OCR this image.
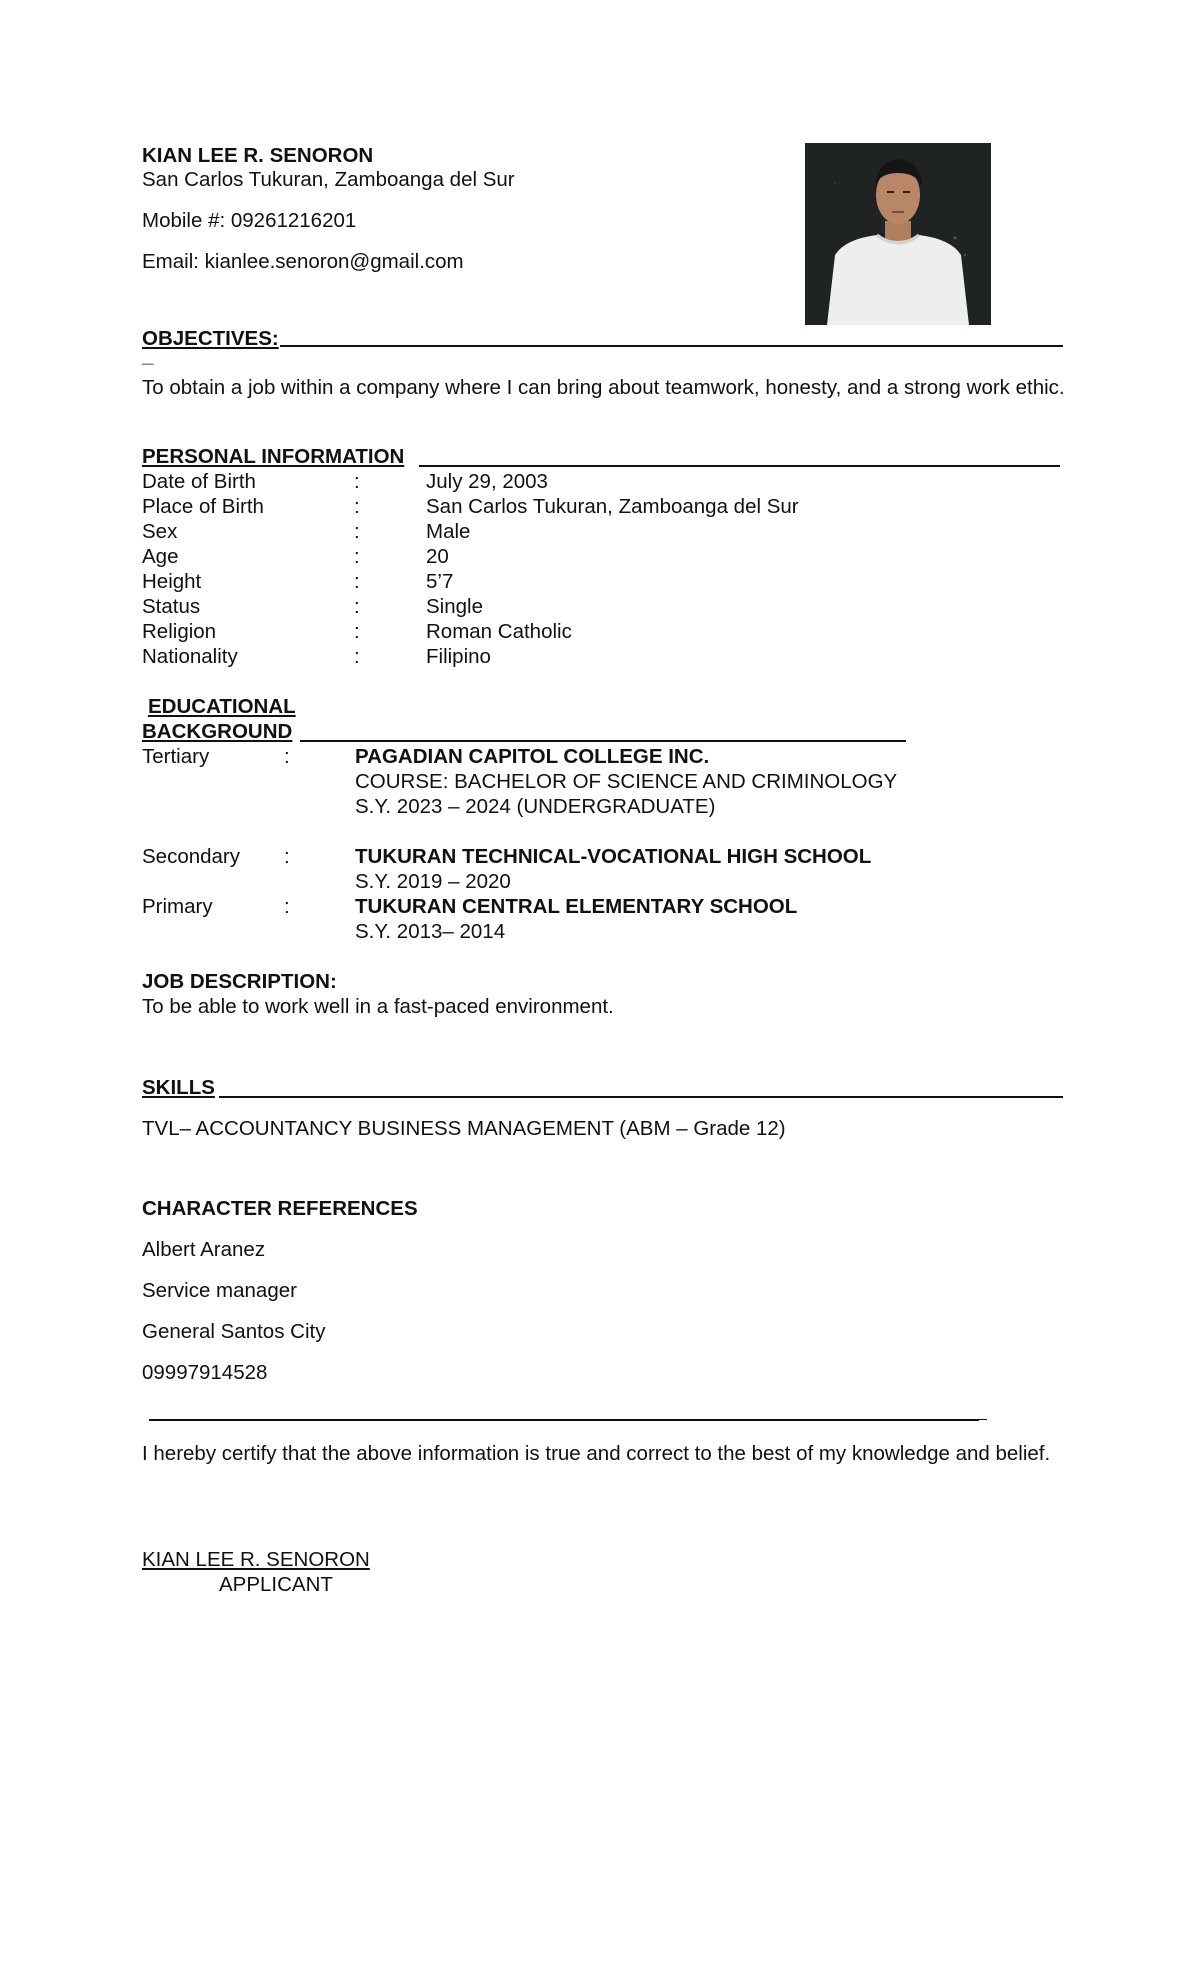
KIAN LEE R. SENORON
San Carlos Tukuran, Zamboanga del Sur
Mobile #: 09261216201
Email: kianlee.senoron@gmail.com
OBJECTIVES:
_
To obtain a job within a company where I can bring about teamwork, honesty, and a strong work ethic.
PERSONAL INFORMATION
Date of Birth	:	July 29, 2003
Place of Birth	:	San Carlos Tukuran, Zamboanga del Sur
Sex	:	Male
Age	:	20
Height	:	5’7
Status	:	Single
Religion	:	Roman Catholic
Nationality	:	Filipino
EDUCATIONAL
BACKGROUND
Tertiary	:	PAGADIAN CAPITOL COLLEGE INC.
COURSE: BACHELOR OF SCIENCE AND CRIMINOLOGY
S.Y. 2023 – 2024 (UNDERGRADUATE)
Secondary :	TUKURAN TECHNICAL-VOCATIONAL HIGH SCHOOL
S.Y. 2019 – 2020
Primary	:	TUKURAN CENTRAL ELEMENTARY SCHOOL
S.Y. 2013– 2014
JOB DESCRIPTION:
To be able to work well in a fast-paced environment.
SKILLS
TVL– ACCOUNTANCY BUSINESS MANAGEMENT (ABM – Grade 12)
CHARACTER REFERENCES
Albert Aranez
Service manager
General Santos City
09997914528
I hereby certify that the above information is true and correct to the best of my knowledge and belief.
KIAN LEE R. SENORON
APPLICANT
